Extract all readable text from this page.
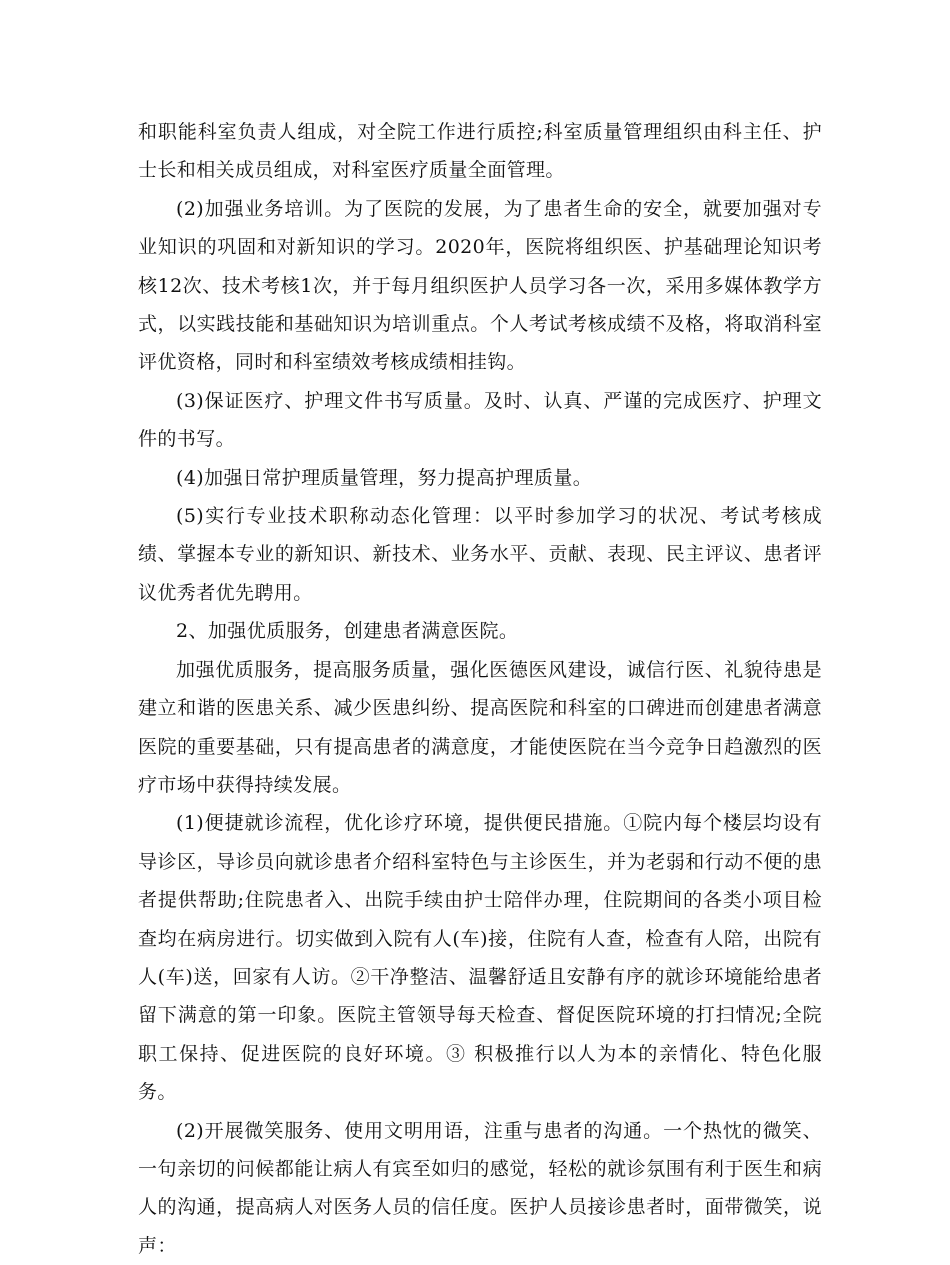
和职能科室负责人组成，对全院工作进行质控;科室质量管理组织由科主任、护士长和相关成员组成，对科室医疗质量全面管理。

(2)加强业务培训。为了医院的发展，为了患者生命的安全，就要加强对专业知识的巩固和对新知识的学习。2020年，医院将组织医、护基础理论知识考核12次、技术考核1次，并于每月组织医护人员学习各一次，采用多媒体教学方式，以实践技能和基础知识为培训重点。个人考试考核成绩不及格，将取消科室评优资格，同时和科室绩效考核成绩相挂钩。

(3)保证医疗、护理文件书写质量。及时、认真、严谨的完成医疗、护理文件的书写。

(4)加强日常护理质量管理，努力提高护理质量。

(5)实行专业技术职称动态化管理：以平时参加学习的状况、考试考核成绩、掌握本专业的新知识、新技术、业务水平、贡献、表现、民主评议、患者评议优秀者优先聘用。

2、加强优质服务，创建患者满意医院。

加强优质服务，提高服务质量，强化医德医风建设，诚信行医、礼貌待患是建立和谐的医患关系、减少医患纠纷、提高医院和科室的口碑进而创建患者满意医院的重要基础，只有提高患者的满意度，才能使医院在当今竞争日趋激烈的医疗市场中获得持续发展。

(1)便捷就诊流程，优化诊疗环境，提供便民措施。①院内每个楼层均设有导诊区，导诊员向就诊患者介绍科室特色与主诊医生，并为老弱和行动不便的患者提供帮助;住院患者入、出院手续由护士陪伴办理，住院期间的各类小项目检查均在病房进行。切实做到入院有人(车)接，住院有人查，检查有人陪，出院有人(车)送，回家有人访。②干净整洁、温馨舒适且安静有序的就诊环境能给患者留下满意的第一印象。医院主管领导每天检查、督促医院环境的打扫情况;全院职工保持、促进医院的良好环境。③ 积极推行以人为本的亲情化、特色化服务。

(2)开展微笑服务、使用文明用语，注重与患者的沟通。一个热忱的微笑、一句亲切的问候都能让病人有宾至如归的感觉，轻松的就诊氛围有利于医生和病人的沟通，提高病人对医务人员的信任度。医护人员接诊患者时，面带微笑，说声：
